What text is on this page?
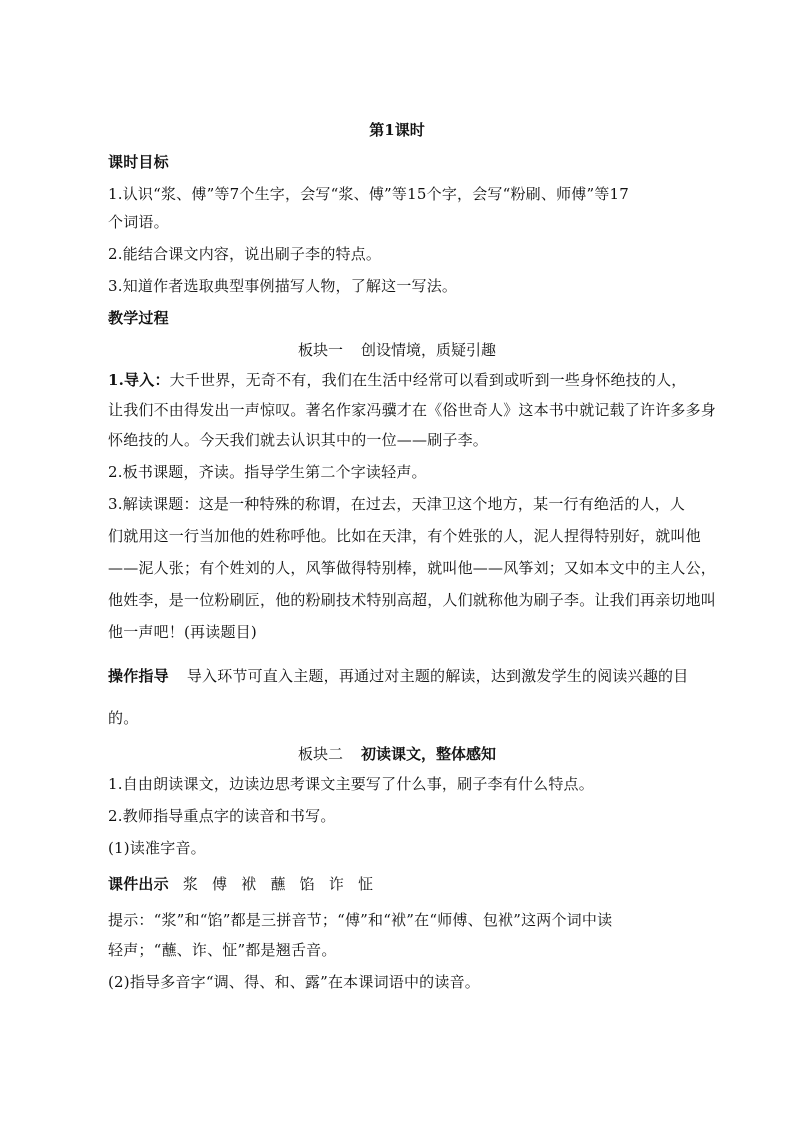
第1课时
课时目标
1.认识“浆、傅”等7个生字，会写“浆、傅”等15个字，会写“粉刷、师傅”等17
个词语。
2.能结合课文内容，说出刷子李的特点。
3.知道作者选取典型事例描写人物，了解这一写法。
教学过程
板块一 创设情境，质疑引趣
1.导入：大千世界，无奇不有，我们在生活中经常可以看到或听到一些身怀绝技的人，
让我们不由得发出一声惊叹。著名作家冯骥才在《俗世奇人》这本书中就记载了许许多多身
怀绝技的人。今天我们就去认识其中的一位——刷子李。
2.板书课题，齐读。指导学生第二个字读轻声。
3.解读课题：这是一种特殊的称谓，在过去，天津卫这个地方，某一行有绝活的人，人
们就用这一行当加他的姓称呼他。比如在天津，有个姓张的人，泥人捏得特别好，就叫他
——泥人张；有个姓刘的人，风筝做得特别棒，就叫他——风筝刘；又如本文中的主人公，
他姓李，是一位粉刷匠，他的粉刷技术特别高超，人们就称他为刷子李。让我们再亲切地叫
他一声吧！(再读题目)
操作指导 导入环节可直入主题，再通过对主题的解读，达到激发学生的阅读兴趣的目
的。
板块二 初读课文，整体感知
1.自由朗读课文，边读边思考课文主要写了什么事，刷子李有什么特点。
2.教师指导重点字的读音和书写。
(1)读准字音。
课件出示 浆 傅 袱 蘸 馅 诈 怔
提示：“浆”和“馅”都是三拼音节；“傅”和“袱”在“师傅、包袱”这两个词中读
轻声；“蘸、诈、怔”都是翘舌音。
(2)指导多音字“调、得、和、露”在本课词语中的读音。
